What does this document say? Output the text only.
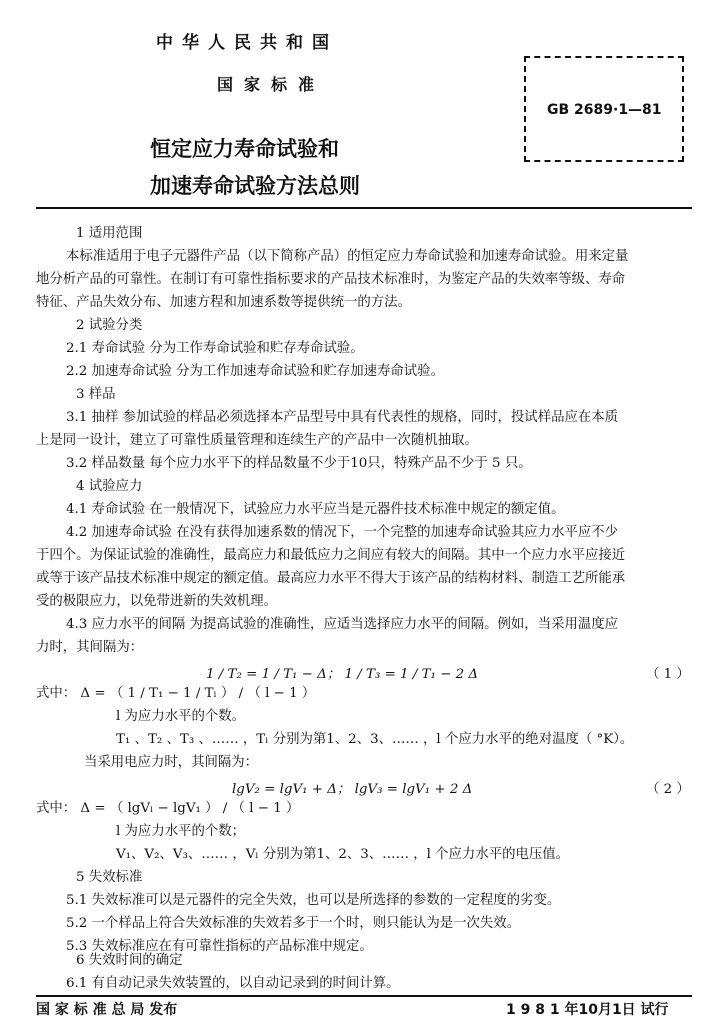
中华人民共和国
国家标准
GB 2689·1—81
恒定应力寿命试验和
加速寿命试验方法总则
1 适用范围
本标准适用于电子元器件产品（以下简称产品）的恒定应力寿命试验和加速寿命试验。用来定量
地分析产品的可靠性。在制订有可靠性指标要求的产品技术标准时，为鉴定产品的失效率等级、寿命
特征、产品失效分布、加速方程和加速系数等提供统一的方法。
2 试验分类
2.1 寿命试验 分为工作寿命试验和贮存寿命试验。
2.2 加速寿命试验 分为工作加速寿命试验和贮存加速寿命试验。
3 样品
3.1 抽样 参加试验的样品必须选择本产品型号中具有代表性的规格，同时，投试样品应在本质
上是同一设计，建立了可靠性质量管理和连续生产的产品中一次随机抽取。
3.2 样品数量 每个应力水平下的样品数量不少于10只，特殊产品不少于 5 只。
4 试验应力
4.1 寿命试验 在一般情况下，试验应力水平应当是元器件技术标准中规定的额定值。
4.2 加速寿命试验 在没有获得加速系数的情况下，一个完整的加速寿命试验其应力水平应不少
于四个。为保证试验的准确性，最高应力和最低应力之间应有较大的间隔。其中一个应力水平应接近
或等于该产品技术标准中规定的额定值。最高应力水平不得大于该产品的结构材料、制造工艺所能承
受的极限应力，以免带进新的失效机理。
4.3 应力水平的间隔 为提高试验的准确性，应适当选择应力水平的间隔。例如，当采用温度应
力时，其间隔为：
1 / T₂ = 1 / T₁ − Δ； 1 / T₃ = 1 / T₁ − 2 Δ	（ 1 ）
式中： Δ = （ 1 / T₁ − 1 / Tₗ ） / （ l − 1 ）
l 为应力水平的个数。
T₁ 、T₂ 、T₃ 、…… ，Tₗ 分别为第1、2、3、…… ，l 个应力水平的绝对温度（ °K）。
当采用电应力时，其间隔为：
lgV₂ = lgV₁ + Δ； lgV₃ = lgV₁ + 2 Δ	（ 2 ）
式中： Δ = （ lgVₗ − lgV₁ ） / （ l − 1 ）
l 为应力水平的个数；
V₁、V₂、V₃、…… ，Vₗ 分别为第1、2、3、…… ，l 个应力水平的电压值。
5 失效标准
5.1 失效标准可以是元器件的完全失效，也可以是所选择的参数的一定程度的劣变。
5.2 一个样品上符合失效标准的失效若多于一个时，则只能认为是一次失效。
5.3 失效标准应在有可靠性指标的产品标准中规定。
6 失效时间的确定
6.1 有自动记录失效装置的，以自动记录到的时间计算。
国 家 标 准 总 局 发布	1 9 8 1 年10月1日 试行
